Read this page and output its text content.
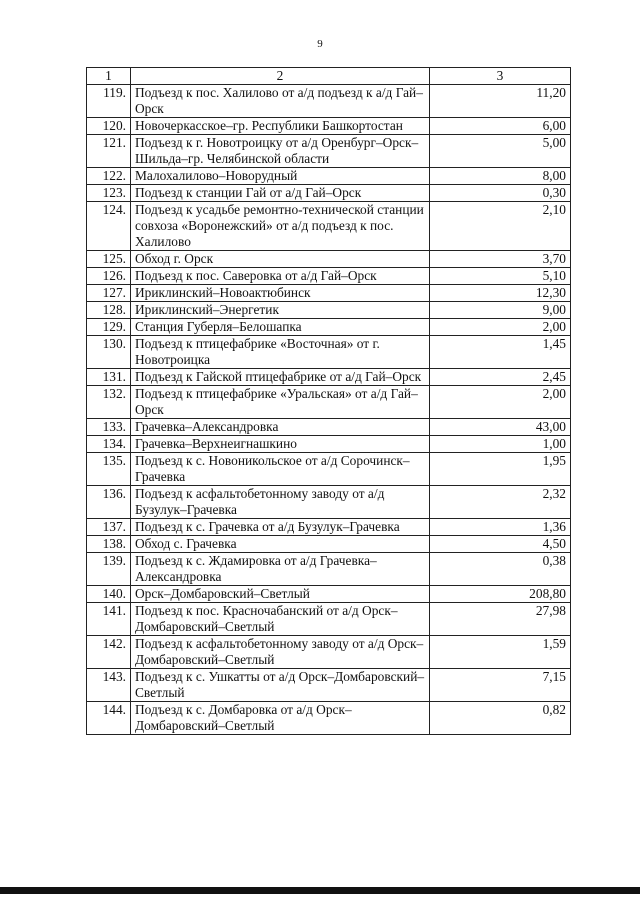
9
1	2	3
119.	Подъезд к пос. Халилово от а/д подъезд к а/д Гай–Орск	11,20
120.	Новочеркасское–гр. Республики Башкортостан	6,00
121.	Подъезд к г. Новотроицку от а/д Оренбург–Орск–Шильда–гр. Челябинской области	5,00
122.	Малохалилово–Новорудный	8,00
123.	Подъезд к станции Гай от а/д Гай–Орск	0,30
124.	Подъезд к усадьбе ремонтно-технической станции совхоза «Воронежский» от а/д подъезд к пос. Халилово	2,10
125.	Обход г. Орск	3,70
126.	Подъезд к пос. Саверовка от а/д Гай–Орск	5,10
127.	Ириклинский–Новоактюбинск	12,30
128.	Ириклинский–Энергетик	9,00
129.	Станция Губерля–Белошапка	2,00
130.	Подъезд к птицефабрике «Восточная» от г. Новотроицка	1,45
131.	Подъезд к Гайской птицефабрике от а/д Гай–Орск	2,45
132.	Подъезд к птицефабрике «Уральская» от а/д Гай–Орск	2,00
133.	Грачевка–Александровка	43,00
134.	Грачевка–Верхнеигнашкино	1,00
135.	Подъезд к с. Новоникольское от а/д Сорочинск–Грачевка	1,95
136.	Подъезд к асфальтобетонному заводу от а/д Бузулук–Грачевка	2,32
137.	Подъезд к с. Грачевка от а/д Бузулук–Грачевка	1,36
138.	Обход с. Грачевка	4,50
139.	Подъезд к с. Ждамировка от а/д Грачевка–Александровка	0,38
140.	Орск–Домбаровский–Светлый	208,80
141.	Подъезд к пос. Красночабанский от а/д Орск–Домбаровский–Светлый	27,98
142.	Подъезд к асфальтобетонному заводу от а/д Орск–Домбаровский–Светлый	1,59
143.	Подъезд к с. Ушкатты от а/д Орск–Домбаровский–Светлый	7,15
144.	Подъезд к с. Домбаровка от а/д Орск–Домбаровский–Светлый	0,82
